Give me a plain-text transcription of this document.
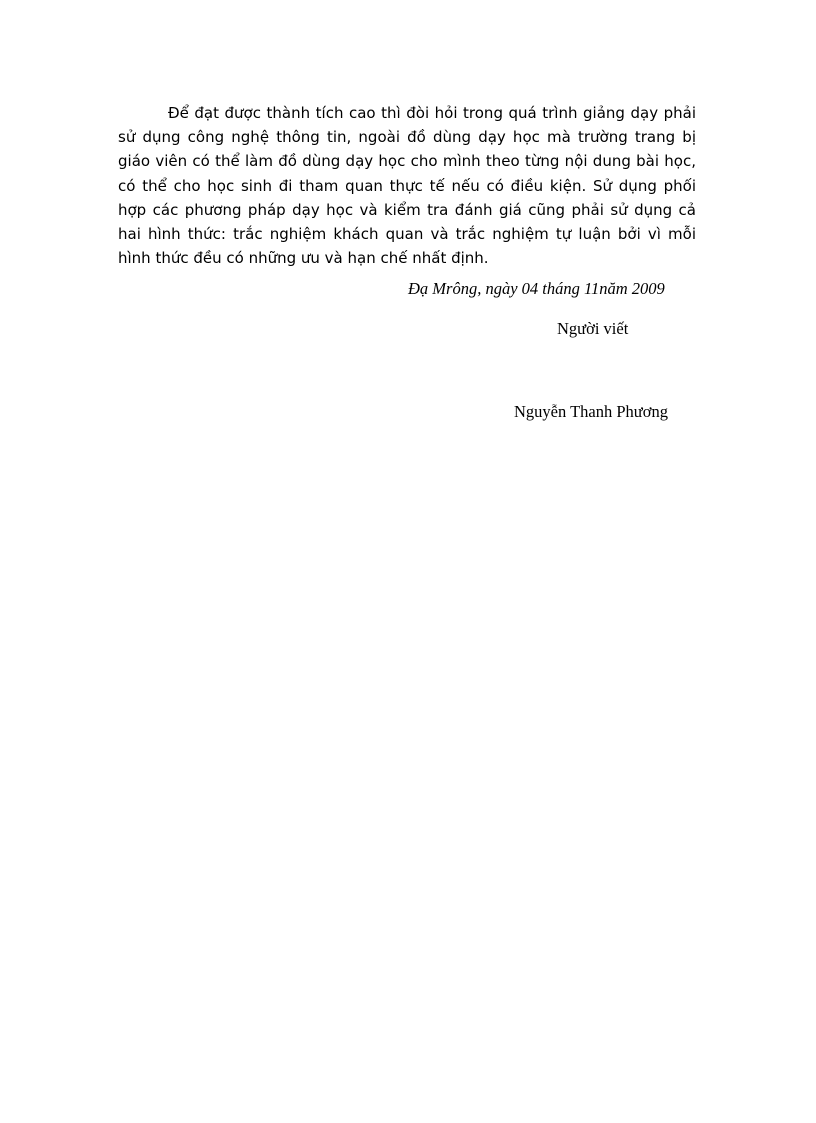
Để đạt được thành tích cao thì đòi hỏi trong quá trình giảng dạy phải sử dụng công nghệ thông tin, ngoài đồ dùng dạy học mà trường trang bị giáo viên có thể làm đồ dùng dạy học cho mình theo từng nội dung bài học, có thể cho học sinh đi tham quan thực tế nếu có điều kiện. Sử dụng phối hợp các phương pháp dạy học và kiểm tra đánh giá cũng phải sử dụng cả hai hình thức: trắc nghiệm khách quan và trắc nghiệm tự luận bởi vì mỗi hình thức đều có những ưu và hạn chế nhất định.

Đạ Mrông, ngày 04 tháng 11năm 2009
Người viết
Nguyễn Thanh Phương
